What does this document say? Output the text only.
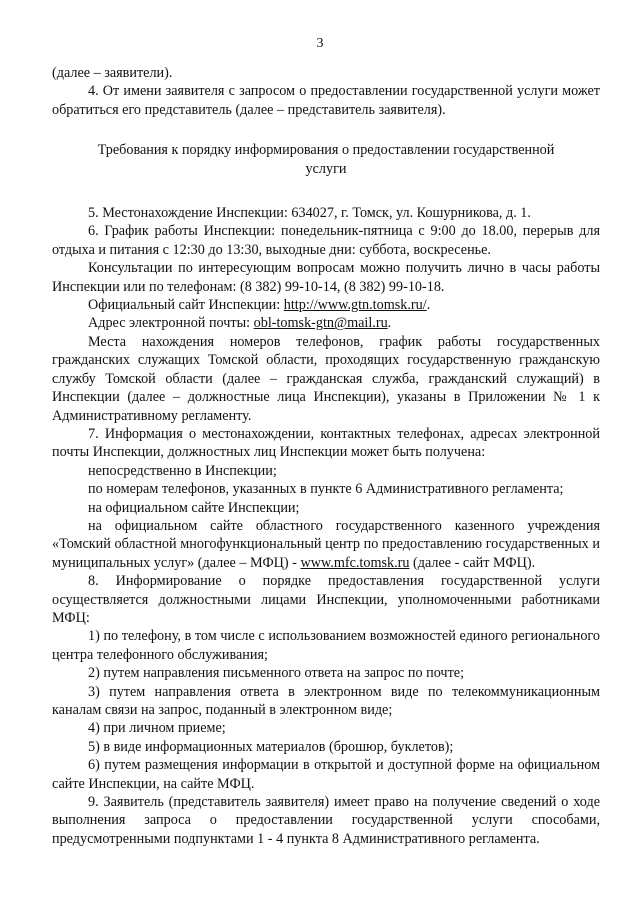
3

(далее – заявители).

4. От имени заявителя с запросом о предоставлении государственной услуги может обратиться его представитель (далее – представитель заявителя).

Требования к порядку информирования о предоставлении государственной услуги

5. Местонахождение Инспекции: 634027, г. Томск, ул. Кошурникова, д. 1.

6. График работы Инспекции: понедельник-пятница с 9:00 до 18.00, перерыв для отдыха и питания с 12:30 до 13:30, выходные дни: суббота, воскресенье.

Консультации по интересующим вопросам можно получить лично в часы работы Инспекции или по телефонам: (8 382) 99-10-14, (8 382) 99-10-18.

Официальный сайт Инспекции: http://www.gtn.tomsk.ru/.

Адрес электронной почты: obl-tomsk-gtn@mail.ru.

Места нахождения номеров телефонов, график работы государственных гражданских служащих Томской области, проходящих государственную гражданскую службу Томской области (далее – гражданская служба, гражданский служащий) в Инспекции (далее – должностные лица Инспекции), указаны в Приложении № 1 к Административному регламенту.

7. Информация о местонахождении, контактных телефонах, адресах электронной почты Инспекции, должностных лиц Инспекции может быть получена:

непосредственно в Инспекции;

по номерам телефонов, указанных в пункте 6 Административного регламента;

на официальном сайте Инспекции;

на официальном сайте областного государственного казенного учреждения «Томский областной многофункциональный центр по предоставлению государственных и муниципальных услуг» (далее – МФЦ) - www.mfc.tomsk.ru (далее - сайт МФЦ).

8. Информирование о порядке предоставления государственной услуги осуществляется должностными лицами Инспекции, уполномоченными работниками МФЦ:

1) по телефону, в том числе с использованием возможностей единого регионального центра телефонного обслуживания;

2) путем направления письменного ответа на запрос по почте;

3) путем направления ответа в электронном виде по телекоммуникационным каналам связи на запрос, поданный в электронном виде;

4) при личном приеме;

5) в виде информационных материалов (брошюр, буклетов);

6) путем размещения информации в открытой и доступной форме на официальном сайте Инспекции, на сайте МФЦ.

9. Заявитель (представитель заявителя) имеет право на получение сведений о ходе выполнения запроса о предоставлении государственной услуги способами, предусмотренными подпунктами 1 - 4 пункта 8 Административного регламента.
